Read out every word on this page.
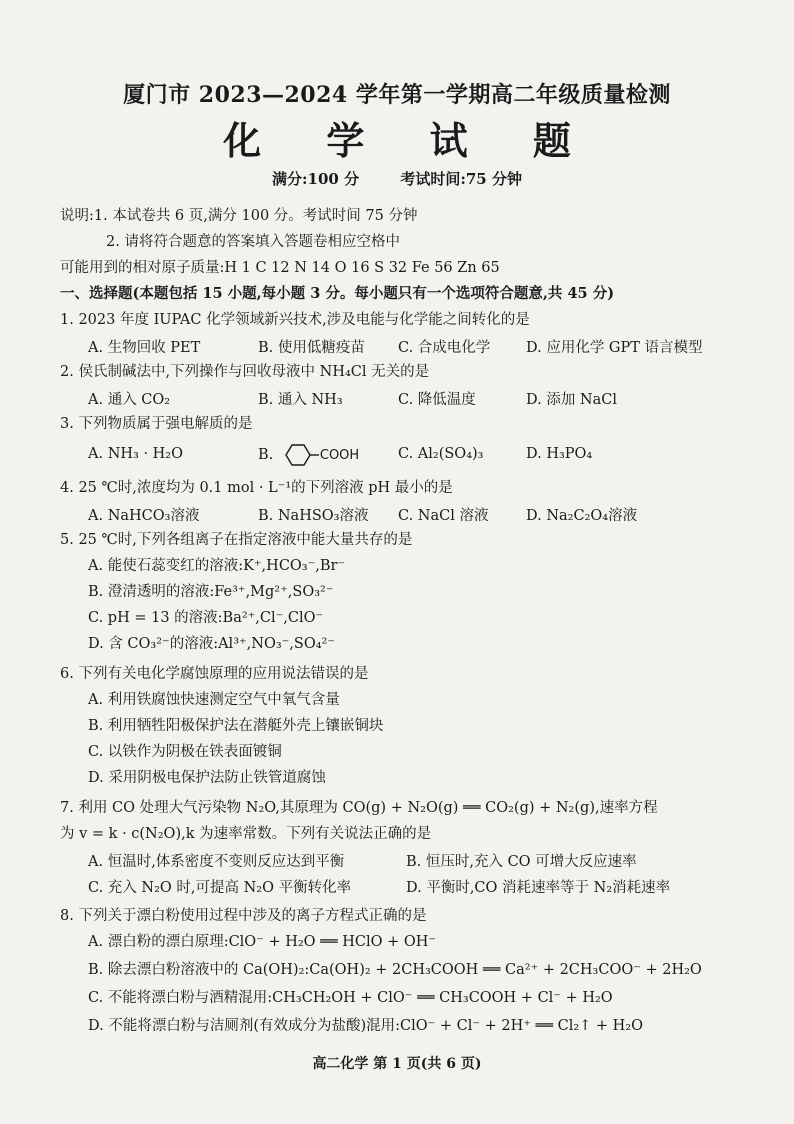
厦门市 2023—2024 学年第一学期高二年级质量检测
化 学 试 题
满分:100 分	考试时间:75 分钟
说明:1. 本试卷共 6 页,满分 100 分。考试时间 75 分钟
2. 请将符合题意的答案填入答题卷相应空格中
可能用到的相对原子质量:H 1 C 12 N 14 O 16 S 32 Fe 56 Zn 65
一、选择题(本题包括 15 小题,每小题 3 分。每小题只有一个选项符合题意,共 45 分)
1. 2023 年度 IUPAC 化学领域新兴技术,涉及电能与化学能之间转化的是
A. 生物回收 PET	B. 使用低糖疫苗 C. 合成电化学 D. 应用化学 GPT 语言模型
2. 侯氏制碱法中,下列操作与回收母液中 NH₄Cl 无关的是
A. 通入 CO₂	B. 通入 NH₃	C. 降低温度	D. 添加 NaCl
3. 下列物质属于强电解质的是
A. NH₃ · H₂O	B.	COOH	C. Al₂(SO₄)₃	D. H₃PO₄
4. 25 ℃时,浓度均为 0.1 mol · L⁻¹的下列溶液 pH 最小的是
A. NaHCO₃溶液	B. NaHSO₃溶液 C. NaCl 溶液	D. Na₂C₂O₄溶液
5. 25 ℃时,下列各组离子在指定溶液中能大量共存的是
A. 能使石蕊变红的溶液:K⁺,HCO₃⁻,Br⁻
B. 澄清透明的溶液:Fe³⁺,Mg²⁺,SO₃²⁻
C. pH = 13 的溶液:Ba²⁺,Cl⁻,ClO⁻
D. 含 CO₃²⁻的溶液:Al³⁺,NO₃⁻,SO₄²⁻
6. 下列有关电化学腐蚀原理的应用说法错误的是
A. 利用铁腐蚀快速测定空气中氧气含量
B. 利用牺牲阳极保护法在潜艇外壳上镶嵌铜块
C. 以铁作为阴极在铁表面镀铜
D. 采用阴极电保护法防止铁管道腐蚀
7. 利用 CO 处理大气污染物 N₂O,其原理为 CO(g) + N₂O(g) ══ CO₂(g) + N₂(g),速率方程
为 v = k · c(N₂O),k 为速率常数。下列有关说法正确的是
A. 恒温时,体系密度不变则反应达到平衡	B. 恒压时,充入 CO 可增大反应速率
C. 充入 N₂O 时,可提高 N₂O 平衡转化率	D. 平衡时,CO 消耗速率等于 N₂消耗速率
8. 下列关于漂白粉使用过程中涉及的离子方程式正确的是
A. 漂白粉的漂白原理:ClO⁻ + H₂O ══ HClO + OH⁻
B. 除去漂白粉溶液中的 Ca(OH)₂:Ca(OH)₂ + 2CH₃COOH ══ Ca²⁺ + 2CH₃COO⁻ + 2H₂O
C. 不能将漂白粉与酒精混用:CH₃CH₂OH + ClO⁻ ══ CH₃COOH + Cl⁻ + H₂O
D. 不能将漂白粉与洁厕剂(有效成分为盐酸)混用:ClO⁻ + Cl⁻ + 2H⁺ ══ Cl₂↑ + H₂O
高二化学 第 1 页(共 6 页)
